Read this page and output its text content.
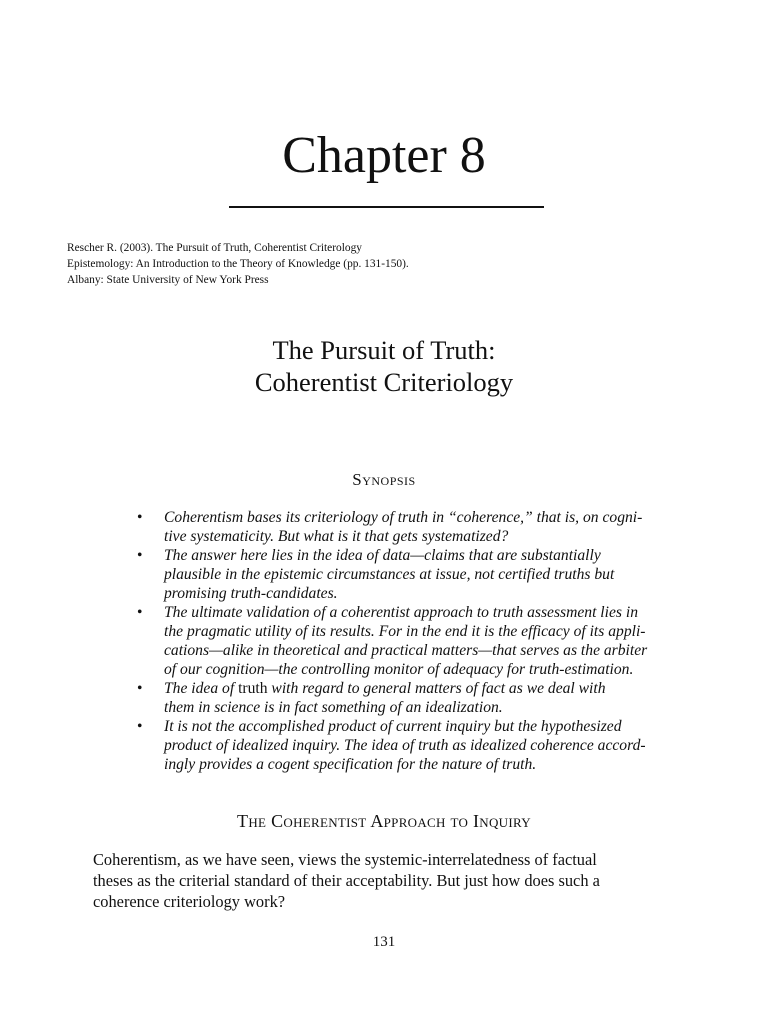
Chapter 8
Rescher R. (2003). The Pursuit of Truth, Coherentist Criterology
Epistemology: An Introduction to the Theory of Knowledge (pp. 131-150).
Albany: State University of New York Press
The Pursuit of Truth:
Coherentist Criteriology
Synopsis
• Coherentism bases its criteriology of truth in “coherence,” that is, on cogni-
tive systematicity. But what is it that gets systematized?
• The answer here lies in the idea of data—claims that are substantially
plausible in the epistemic circumstances at issue, not certified truths but
promising truth-candidates.
• The ultimate validation of a coherentist approach to truth assessment lies in
the pragmatic utility of its results. For in the end it is the efficacy of its appli-
cations—alike in theoretical and practical matters—that serves as the arbiter
of our cognition—the controlling monitor of adequacy for truth-estimation.
• The idea of truth with regard to general matters of fact as we deal with
them in science is in fact something of an idealization.
• It is not the accomplished product of current inquiry but the hypothesized
product of idealized inquiry. The idea of truth as idealized coherence accord-
ingly provides a cogent specification for the nature of truth.
The Coherentist Approach to Inquiry

Coherentism, as we have seen, views the systemic-interrelatedness of factual
theses as the criterial standard of their acceptability. But just how does such a
coherence criteriology work?

131
